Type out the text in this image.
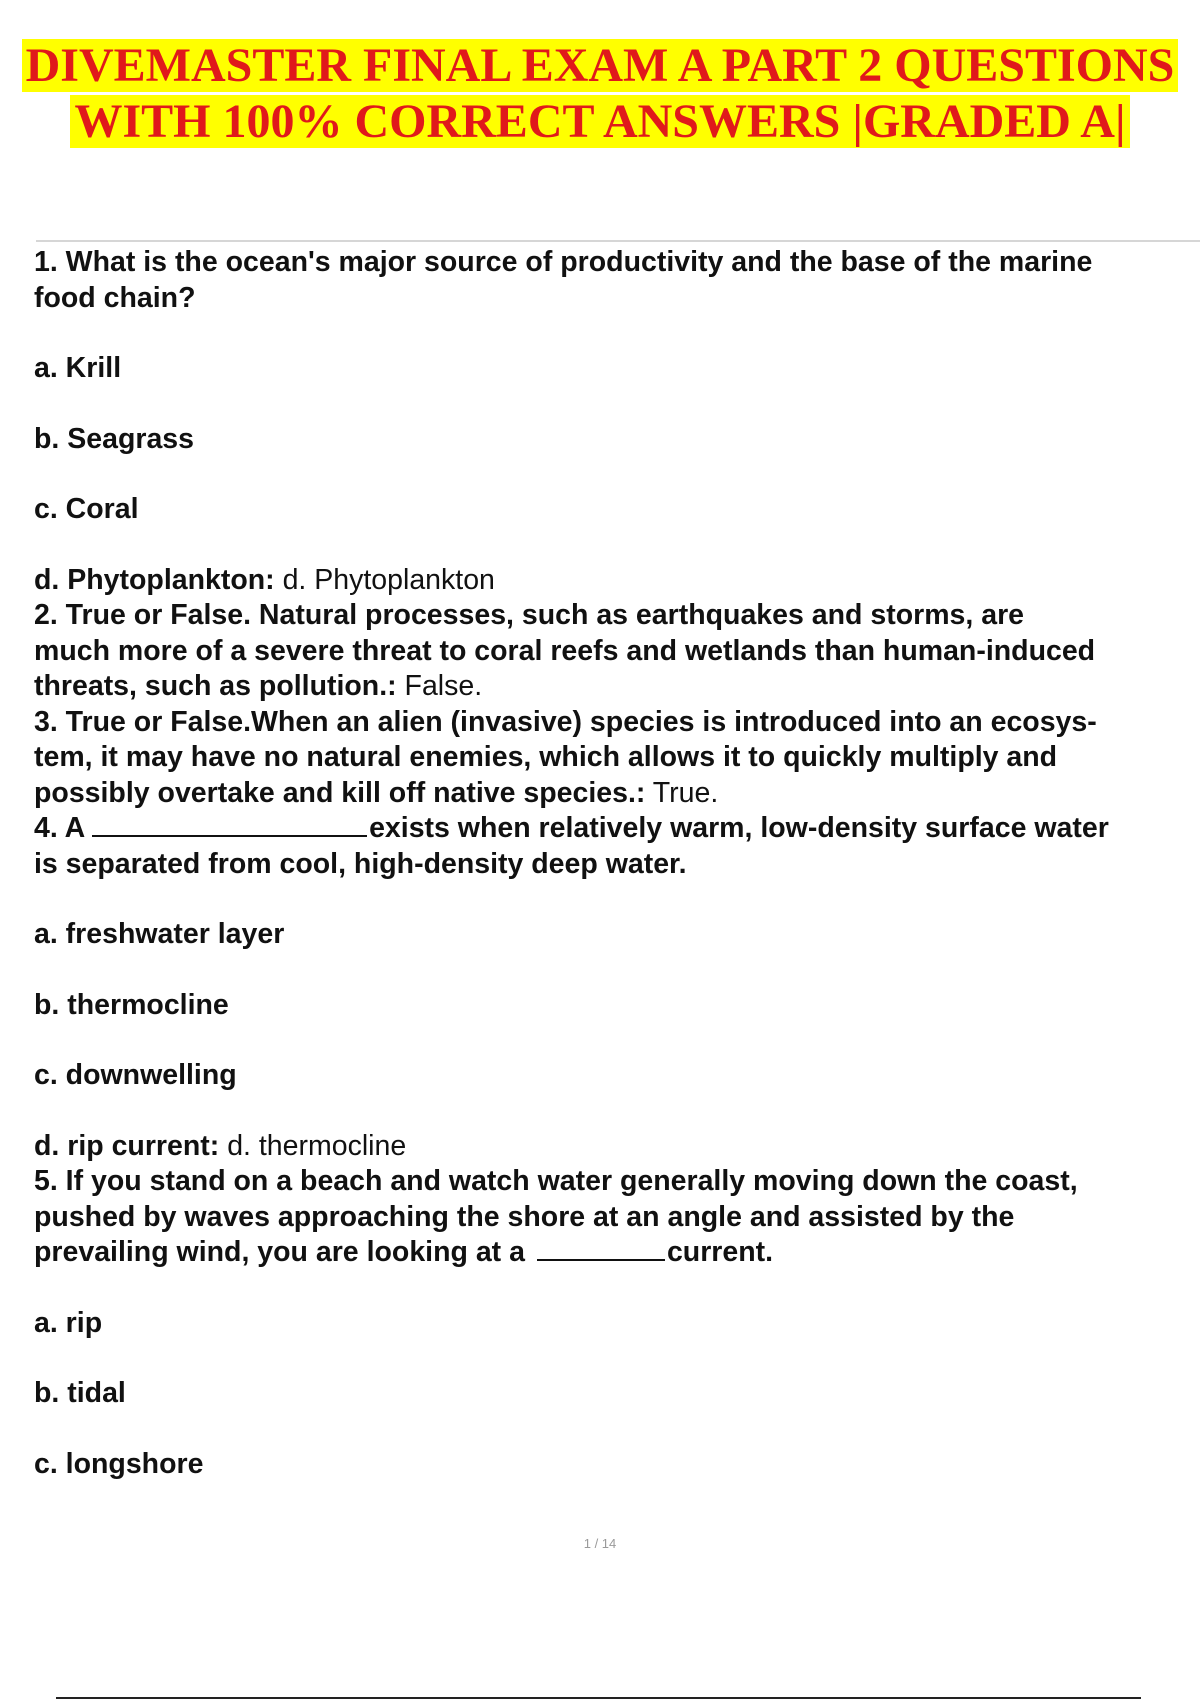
DIVEMASTER FINAL EXAM A PART 2 QUESTIONS
WITH 100% CORRECT ANSWERS |GRADED A|
1. What is the ocean's major source of productivity and the base of the marine
food chain?
a. Krill
b. Seagrass
c. Coral
d. Phytoplankton: d. Phytoplankton
2. True or False. Natural processes, such as earthquakes and storms, are
much more of a severe threat to coral reefs and wetlands than human-induced
threats, such as pollution.: False.
3. True or False.When an alien (invasive) species is introduced into an ecosys-
tem, it may have no natural enemies, which allows it to quickly multiply and
possibly overtake and kill off native species.: True.
4. A	exists when relatively warm, low-density surface water
is separated from cool, high-density deep water.
a. freshwater layer
b. thermocline
c. downwelling
d. rip current: d. thermocline
5. If you stand on a beach and watch water generally moving down the coast,
pushed by waves approaching the shore at an angle and assisted by the
prevailing wind, you are looking at a	current.
a. rip
b. tidal
c. longshore
1 / 14
